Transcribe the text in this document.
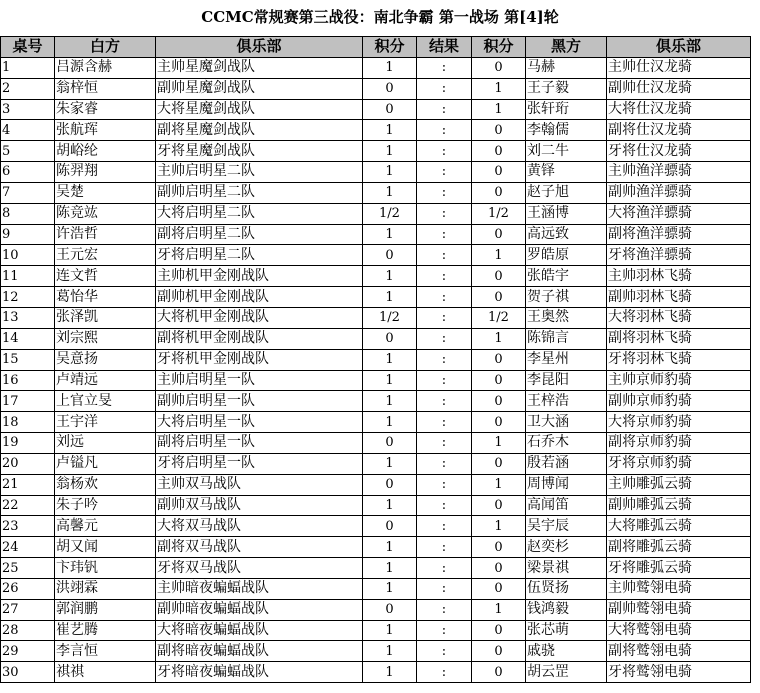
CCMC常规赛第三战役：南北争霸 第一战场 第[4]轮
桌号	白方	俱乐部	积分	结果	积分	黑方	俱乐部
1	吕源含赫	主帅星魔剑战队	1	:	0	马赫	主帅仕汉龙骑
2	翁梓恒	副帅星魔剑战队	0	:	1	王子毅	副帅仕汉龙骑
3	朱家睿	大将星魔剑战队	0	:	1	张轩珩	大将仕汉龙骑
4	张航珲	副将星魔剑战队	1	:	0	李翰儒	副将仕汉龙骑
5	胡峪纶	牙将星魔剑战队	1	:	0	刘二牛	牙将仕汉龙骑
6	陈羿翔	主帅启明星二队	1	:	0	黄铎	主帅渔洋骠骑
7	吴楚	副帅启明星二队	1	:	0	赵子旭	副帅渔洋骠骑
8	陈竞竑	大将启明星二队	1/2	:	1/2	王涵博	大将渔洋骠骑
9	许浩哲	副将启明星二队	1	:	0	高远致	副将渔洋骠骑
10	王元宏	牙将启明星二队	0	:	1	罗皓原	牙将渔洋骠骑
11	连文哲	主帅机甲金刚战队	1	:	0	张皓宇	主帅羽林飞骑
12	葛怡华	副帅机甲金刚战队	1	:	0	贺子祺	副帅羽林飞骑
13	张泽凯	大将机甲金刚战队	1/2	:	1/2	王奥然	大将羽林飞骑
14	刘宗熙	副将机甲金刚战队	0	:	1	陈锦言	副将羽林飞骑
15	吴意扬	牙将机甲金刚战队	1	:	0	李星州	牙将羽林飞骑
16	卢靖远	主帅启明星一队	1	:	0	李昆阳	主帅京师豹骑
17	上官立旻	副帅启明星一队	1	:	0	王梓浩	副帅京师豹骑
18	王宇洋	大将启明星一队	1	:	0	卫大涵	大将京师豹骑
19	刘远	副将启明星一队	0	:	1	石乔木	副将京师豹骑
20	卢镒凡	牙将启明星一队	1	:	0	殷若涵	牙将京师豹骑
21	翁杨欢	主帅双马战队	0	:	1	周博闻	主帅雕弧云骑
22	朱子吟	副帅双马战队	1	:	0	高闻笛	副帅雕弧云骑
23	高馨元	大将双马战队	0	:	1	吴宇辰	大将雕弧云骑
24	胡又闻	副将双马战队	1	:	0	赵奕杉	副将雕弧云骑
25	卞玮钒	牙将双马战队	1	:	0	梁景祺	牙将雕弧云骑
26	洪翊霖	主帅暗夜蝙蝠战队	1	:	0	伍贤扬	主帅鹫翎电骑
27	郭润鹏	副帅暗夜蝙蝠战队	0	:	1	钱鸿毅	副帅鹫翎电骑
28	崔艺腾	大将暗夜蝙蝠战队	1	:	0	张芯萌	大将鹫翎电骑
29	李言恒	副将暗夜蝙蝠战队	1	:	0	戚骁	副将鹫翎电骑
30	祺祺	牙将暗夜蝙蝠战队	1	:	0	胡云罡	牙将鹫翎电骑
